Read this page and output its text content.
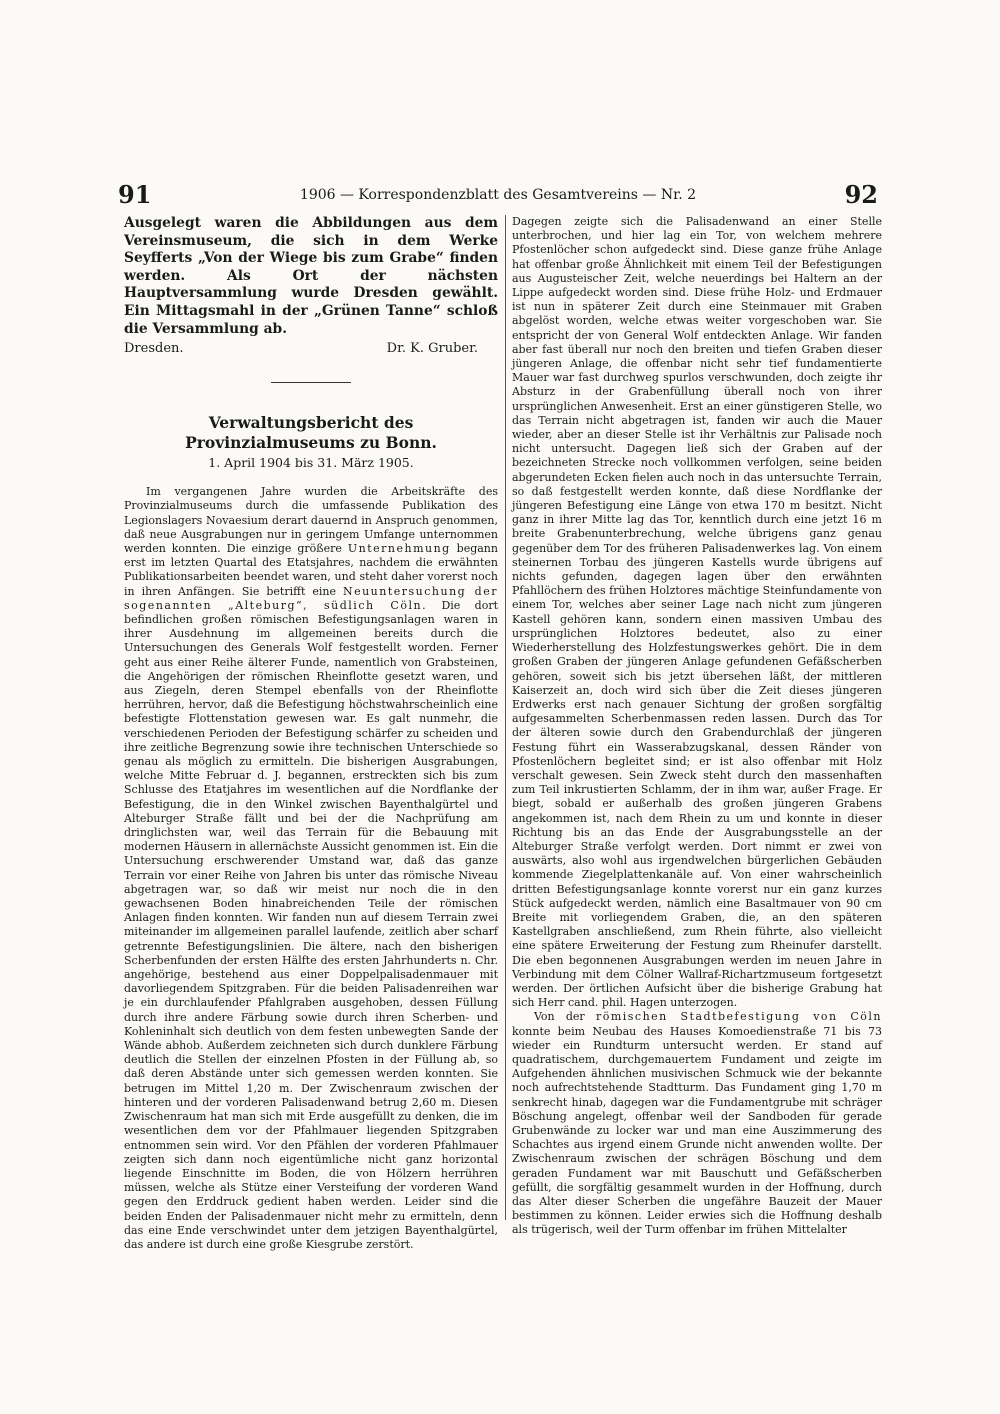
91	1906 — Korrespondenzblatt des Gesamtvereins — Nr. 2	92

Ausgelegt waren die Abbildungen aus dem Vereinsmuseum, die sich in dem Werke Seyfferts „Von der Wiege bis zum Grabe“ finden werden. Als Ort der nächsten Hauptversammlung wurde Dresden gewählt. Ein Mittagsmahl in der „Grünen Tanne“ schloß die Versammlung ab.

Dresden.	Dr. K. Gruber.

Verwaltungsbericht des Provinzialmuseums zu Bonn.

1. April 1904 bis 31. März 1905.

Im vergangenen Jahre wurden die Arbeitskräfte des Provinzialmuseums durch die umfassende Publikation des Legionslagers Novaesium derart dauernd in Anspruch genommen, daß neue Ausgrabungen nur in geringem Umfange unternommen werden konnten. Die einzige größere Unternehmung begann erst im letzten Quartal des Etatsjahres, nachdem die erwähnten Publikationsarbeiten beendet waren, und steht daher vorerst noch in ihren Anfängen. Sie betrifft eine Neuuntersuchung der sogenannten „Alteburg“, südlich Cöln. Die dort befindlichen großen römischen Befestigungsanlagen waren in ihrer Ausdehnung im allgemeinen bereits durch die Untersuchungen des Generals Wolf festgestellt worden. Ferner geht aus einer Reihe älterer Funde, namentlich von Grabsteinen, die Angehörigen der römischen Rheinflotte gesetzt waren, und aus Ziegeln, deren Stempel ebenfalls von der Rheinflotte herrühren, hervor, daß die Befestigung höchstwahrscheinlich eine befestigte Flottenstation gewesen war. Es galt nunmehr, die verschiedenen Perioden der Befestigung schärfer zu scheiden und ihre zeitliche Begrenzung sowie ihre technischen Unterschiede so genau als möglich zu ermitteln. Die bisherigen Ausgrabungen, welche Mitte Februar d. J. begannen, erstreckten sich bis zum Schlusse des Etatjahres im wesentlichen auf die Nordflanke der Befestigung, die in den Winkel zwischen Bayenthalgürtel und Alteburger Straße fällt und bei der die Nachprüfung am dringlichsten war, weil das Terrain für die Bebauung mit modernen Häusern in allernächste Aussicht genommen ist. Ein die Untersuchung erschwerender Umstand war, daß das ganze Terrain vor einer Reihe von Jahren bis unter das römische Niveau abgetragen war, so daß wir meist nur noch die in den gewachsenen Boden hinabreichenden Teile der römischen Anlagen finden konnten. Wir fanden nun auf diesem Terrain zwei miteinander im allgemeinen parallel laufende, zeitlich aber scharf getrennte Befestigungslinien. Die ältere, nach den bisherigen Scherbenfunden der ersten Hälfte des ersten Jahrhunderts n. Chr. angehörige, bestehend aus einer Doppelpalisadenmauer mit davorliegendem Spitzgraben. Für die beiden Palisadenreihen war je ein durchlaufender Pfahlgraben ausgehoben, dessen Füllung durch ihre andere Färbung sowie durch ihren Scherben- und Kohleninhalt sich deutlich von dem festen unbewegten Sande der Wände abhob. Außerdem zeichneten sich durch dunklere Färbung deutlich die Stellen der einzelnen Pfosten in der Füllung ab, so daß deren Abstände unter sich gemessen werden konnten. Sie betrugen im Mittel 1,20 m. Der Zwischenraum zwischen der hinteren und der vorderen Palisadenwand betrug 2,60 m. Diesen Zwischenraum hat man sich mit Erde ausgefüllt zu denken, die im wesentlichen dem vor der Pfahlmauer liegenden Spitzgraben entnommen sein wird. Vor den Pfählen der vorderen Pfahlmauer zeigten sich dann noch eigentümliche nicht ganz horizontal liegende Einschnitte im Boden, die von Hölzern herrühren müssen, welche als Stütze einer Versteifung der vorderen Wand gegen den Erddruck gedient haben werden. Leider sind die beiden Enden der Palisadenmauer nicht mehr zu ermitteln, denn das eine Ende verschwindet unter dem jetzigen Bayenthalgürtel, das andere ist durch eine große Kiesgrube zerstört.

Dagegen zeigte sich die Palisadenwand an einer Stelle unterbrochen, und hier lag ein Tor, von welchem mehrere Pfostenlöcher schon aufgedeckt sind. Diese ganze frühe Anlage hat offenbar große Ähnlichkeit mit einem Teil der Befestigungen aus Augusteischer Zeit, welche neuerdings bei Haltern an der Lippe aufgedeckt worden sind. Diese frühe Holz- und Erdmauer ist nun in späterer Zeit durch eine Steinmauer mit Graben abgelöst worden, welche etwas weiter vorgeschoben war. Sie entspricht der von General Wolf entdeckten Anlage. Wir fanden aber fast überall nur noch den breiten und tiefen Graben dieser jüngeren Anlage, die offenbar nicht sehr tief fundamentierte Mauer war fast durchweg spurlos verschwunden, doch zeigte ihr Absturz in der Grabenfüllung überall noch von ihrer ursprünglichen Anwesenheit. Erst an einer günstigeren Stelle, wo das Terrain nicht abgetragen ist, fanden wir auch die Mauer wieder, aber an dieser Stelle ist ihr Verhältnis zur Palisade noch nicht untersucht. Dagegen ließ sich der Graben auf der bezeichneten Strecke noch vollkommen verfolgen, seine beiden abgerundeten Ecken fielen auch noch in das untersuchte Terrain, so daß festgestellt werden konnte, daß diese Nordflanke der jüngeren Befestigung eine Länge von etwa 170 m besitzt. Nicht ganz in ihrer Mitte lag das Tor, kenntlich durch eine jetzt 16 m breite Grabenunterbrechung, welche übrigens ganz genau gegenüber dem Tor des früheren Palisadenwerkes lag. Von einem steinernen Torbau des jüngeren Kastells wurde übrigens auf nichts gefunden, dagegen lagen über den erwähnten Pfahllöchern des frühen Holztores mächtige Steinfundamente von einem Tor, welches aber seiner Lage nach nicht zum jüngeren Kastell gehören kann, sondern einen massiven Umbau des ursprünglichen Holztores bedeutet, also zu einer Wiederherstellung des Holzfestungswerkes gehört. Die in dem großen Graben der jüngeren Anlage gefundenen Gefäßscherben gehören, soweit sich bis jetzt übersehen läßt, der mittleren Kaiserzeit an, doch wird sich über die Zeit dieses jüngeren Erdwerks erst nach genauer Sichtung der großen sorgfältig aufgesammelten Scherbenmassen reden lassen. Durch das Tor der älteren sowie durch den Grabendurchlaß der jüngeren Festung führt ein Wasserabzugskanal, dessen Ränder von Pfostenlöchern begleitet sind; er ist also offenbar mit Holz verschalt gewesen. Sein Zweck steht durch den massenhaften zum Teil inkrustierten Schlamm, der in ihm war, außer Frage. Er biegt, sobald er außerhalb des großen jüngeren Grabens angekommen ist, nach dem Rhein zu um und konnte in dieser Richtung bis an das Ende der Ausgrabungsstelle an der Alteburger Straße verfolgt werden. Dort nimmt er zwei von auswärts, also wohl aus irgendwelchen bürgerlichen Gebäuden kommende Ziegelplattenkanäle auf. Von einer wahrscheinlich dritten Befestigungsanlage konnte vorerst nur ein ganz kurzes Stück aufgedeckt werden, nämlich eine Basaltmauer von 90 cm Breite mit vorliegendem Graben, die, an den späteren Kastellgraben anschließend, zum Rhein führte, also vielleicht eine spätere Erweiterung der Festung zum Rheinufer darstellt. Die eben begonnenen Ausgrabungen werden im neuen Jahre in Verbindung mit dem Cölner Wallraf-Richartzmuseum fortgesetzt werden. Der örtlichen Aufsicht über die bisherige Grabung hat sich Herr cand. phil. Hagen unterzogen.

Von der römischen Stadtbefestigung von Cöln konnte beim Neubau des Hauses Komoedienstraße 71 bis 73 wieder ein Rundturm untersucht werden. Er stand auf quadratischem, durchgemauertem Fundament und zeigte im Aufgehenden ähnlichen musivischen Schmuck wie der bekannte noch aufrechtstehende Stadtturm. Das Fundament ging 1,70 m senkrecht hinab, dagegen war die Fundamentgrube mit schräger Böschung angelegt, offenbar weil der Sandboden für gerade Grubenwände zu locker war und man eine Auszimmerung des Schachtes aus irgend einem Grunde nicht anwenden wollte. Der Zwischenraum zwischen der schrägen Böschung und dem geraden Fundament war mit Bauschutt und Gefäßscherben gefüllt, die sorgfältig gesammelt wurden in der Hoffnung, durch das Alter dieser Scherben die ungefähre Bauzeit der Mauer bestimmen zu können. Leider erwies sich die Hoffnung deshalb als trügerisch, weil der Turm offenbar im frühen Mittelalter
